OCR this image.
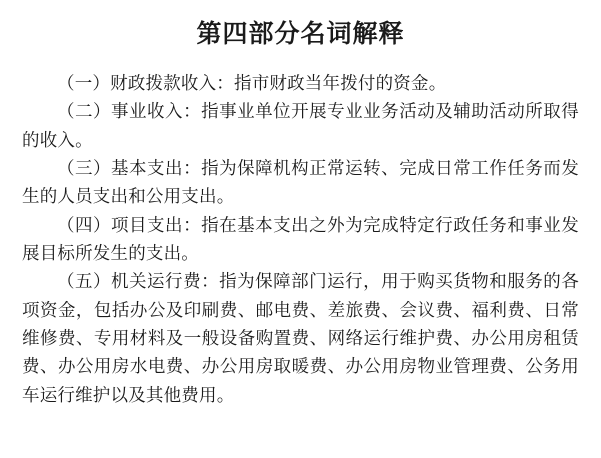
第四部分名词解释

（一）财政拨款收入：指市财政当年拨付的资金。

（二）事业收入：指事业单位开展专业业务活动及辅助活动所取得的收入。

（三）基本支出：指为保障机构正常运转、完成日常工作任务而发生的人员支出和公用支出。

（四）项目支出：指在基本支出之外为完成特定行政任务和事业发展目标所发生的支出。

（五）机关运行费：指为保障部门运行，用于购买货物和服务的各项资金，包括办公及印刷费、邮电费、差旅费、会议费、福利费、日常维修费、专用材料及一般设备购置费、网络运行维护费、办公用房租赁费、办公用房水电费、办公用房取暖费、办公用房物业管理费、公务用车运行维护以及其他费用。
